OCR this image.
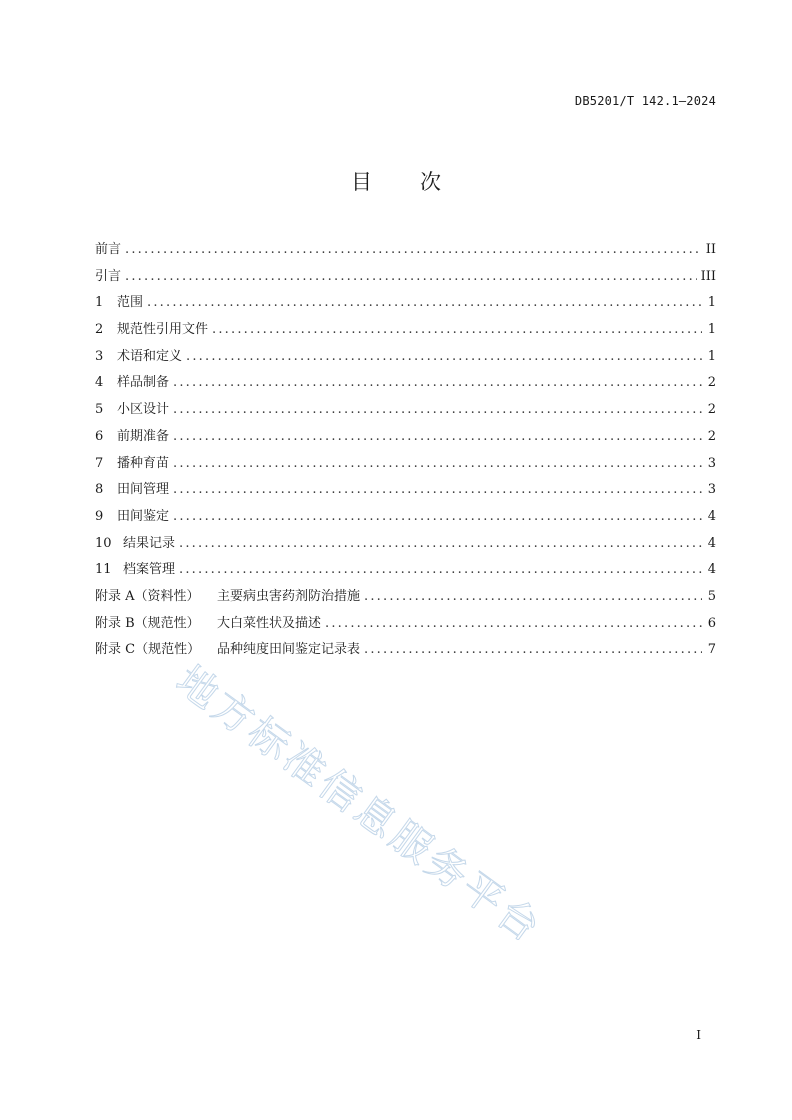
DB5201/T 142.1—2024
目 次
前言 .....	II
引言 .....	III
1 范围 .....	1
2 规范性引用文件 .....	1
3 术语和定义 .....	1
4 样品制备 .....	2
5 小区设计 .....	2
6 前期准备 .....	2
7 播种育苗 .....	3
8 田间管理 .....	3
9 田间鉴定 .....	4
10 结果记录 .....	4
11 档案管理 .....	4
附录 A（资料性） 主要病虫害药剂防治措施 .....	5
附录 B（规范性） 大白菜性状及描述 .....	6
附录 C（规范性） 品种纯度田间鉴定记录表 .....	7
地方标准信息服务平台
I
